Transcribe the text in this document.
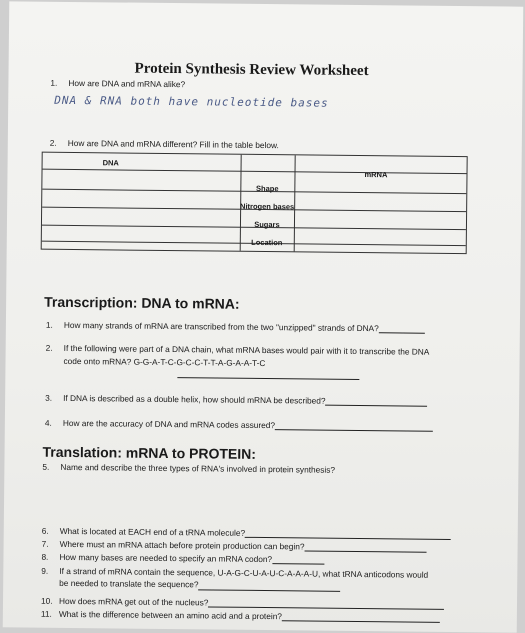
Protein Synthesis Review Worksheet
1. How are DNA and mRNA alike?
DNA & RNA both have nucleotide bases
2. How are DNA and mRNA different? Fill in the table below.
DNA
mRNA
Shape
Nitrogen bases
Sugars
Location
Transcription: DNA to mRNA:
1. How many strands of mRNA are transcribed from the two "unzipped" strands of DNA?
2. If the following were part of a DNA chain, what mRNA bases would pair with it to transcribe the DNA
code onto mRNA? G-G-A-T-C-G-C-C-T-T-A-G-A-A-T-C
3. If DNA is described as a double helix, how should mRNA be described?
4. How are the accuracy of DNA and mRNA codes assured?
Translation: mRNA to PROTEIN:
5. Name and describe the three types of RNA's involved in protein synthesis?
6. What is located at EACH end of a tRNA molecule?
7. Where must an mRNA attach before protein production can begin?
8. How many bases are needed to specify an mRNA codon?
9. If a strand of mRNA contain the sequence, U-A-G-C-U-A-U-C-A-A-A-U, what tRNA anticodons would
be needed to translate the sequence?
10. How does mRNA get out of the nucleus?
11. What is the difference between an amino acid and a protein?
